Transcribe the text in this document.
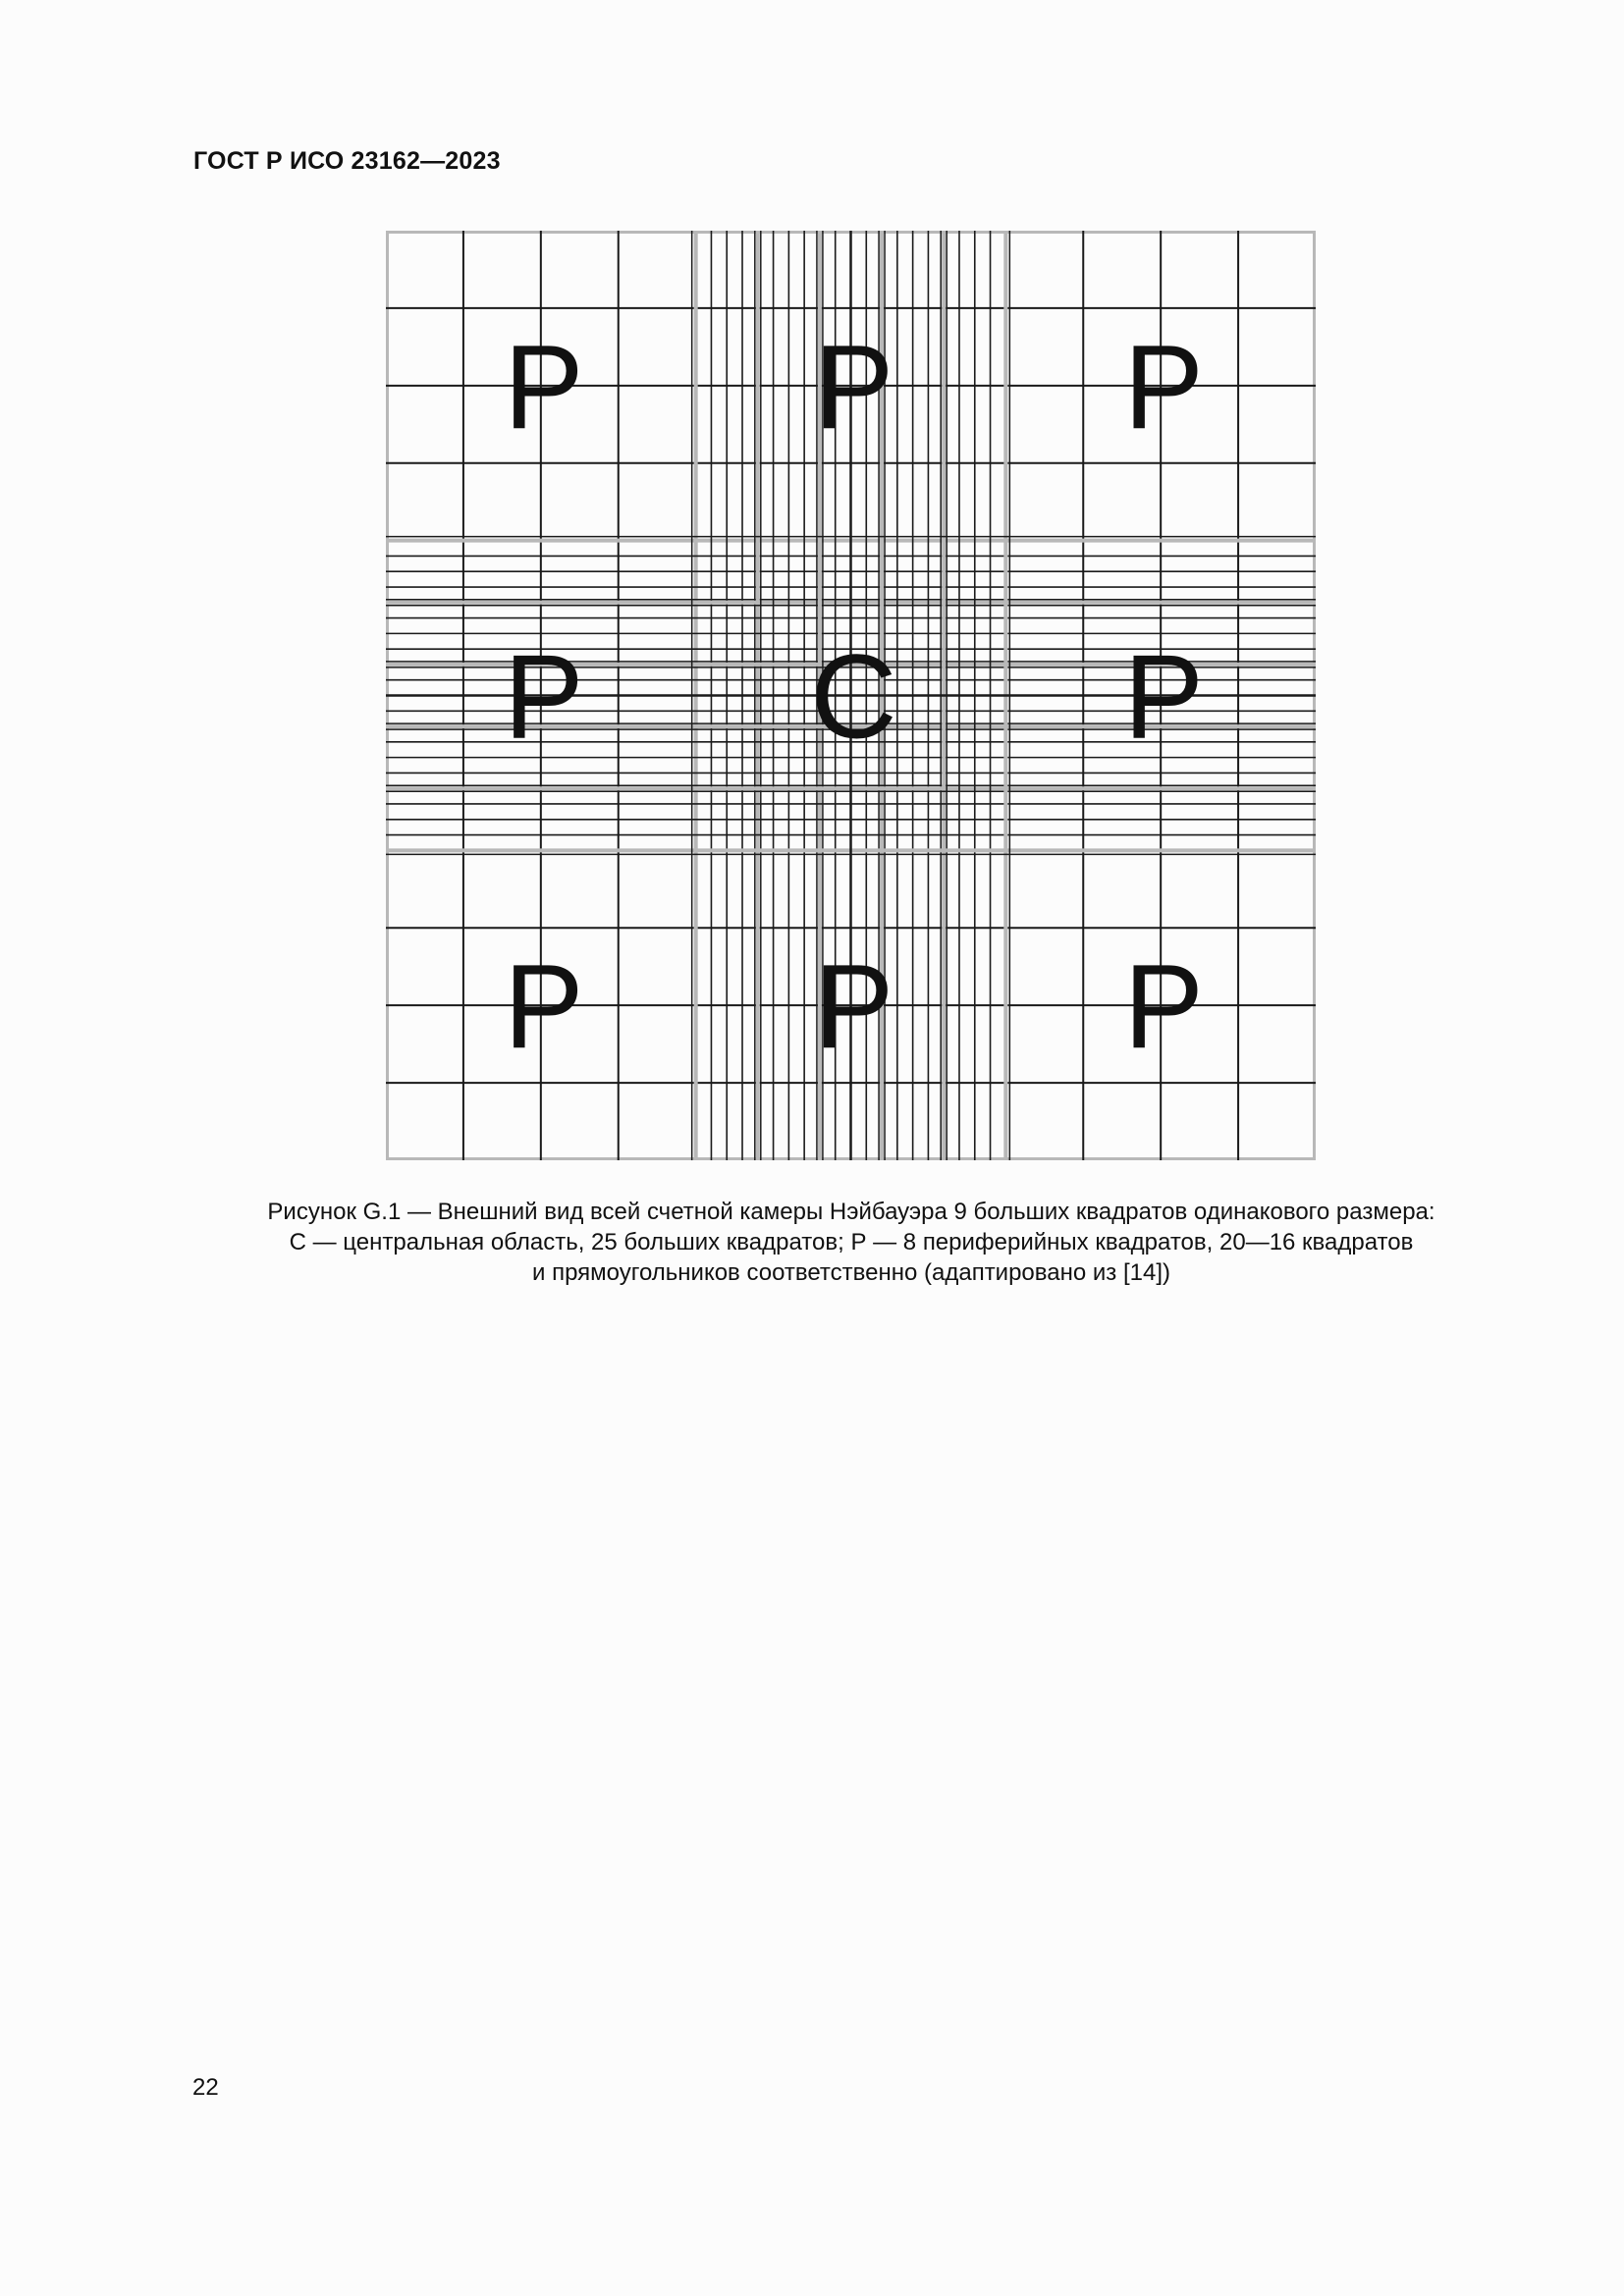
ГОСТ Р ИСО 23162—2023
P P P
P C P
P P P
Рисунок G.1 — Внешний вид всей счетной камеры Нэйбауэра 9 больших квадратов одинакового размера:
С — центральная область, 25 больших квадратов; Р — 8 периферийных квадратов, 20—16 квадратов
и прямоугольников соответственно (адаптировано из [14])
22
